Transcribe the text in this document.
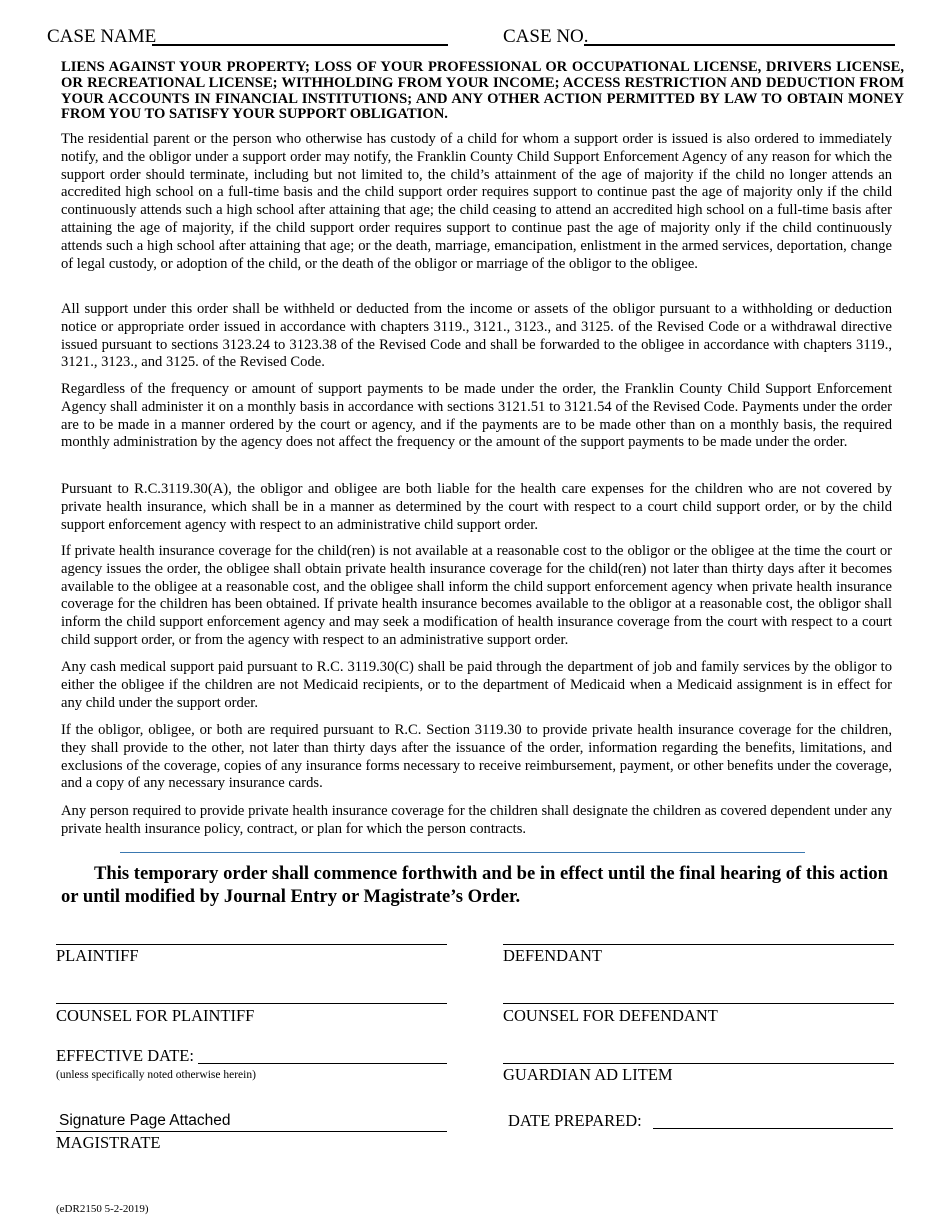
CASE NAME	CASE NO.

LIENS AGAINST YOUR PROPERTY; LOSS OF YOUR PROFESSIONAL OR OCCUPATIONAL LICENSE, DRIVERS LICENSE, OR RECREATIONAL LICENSE; WITHHOLDING FROM YOUR INCOME; ACCESS RESTRICTION AND DEDUCTION FROM YOUR ACCOUNTS IN FINANCIAL INSTITUTIONS; AND ANY OTHER ACTION PERMITTED BY LAW TO OBTAIN MONEY FROM YOU TO SATISFY YOUR SUPPORT OBLIGATION.

The residential parent or the person who otherwise has custody of a child for whom a support order is issued is also ordered to immediately notify, and the obligor under a support order may notify, the Franklin County Child Support Enforcement Agency of any reason for which the support order should terminate, including but not limited to, the child’s attainment of the age of majority if the child no longer attends an accredited high school on a full-time basis and the child support order requires support to continue past the age of majority only if the child continuously attends such a high school after attaining that age; the child ceasing to attend an accredited high school on a full-time basis after attaining the age of majority, if the child support order requires support to continue past the age of majority only if the child continuously attends such a high school after attaining that age; or the death, marriage, emancipation, enlistment in the armed services, deportation, change of legal custody, or adoption of the child, or the death of the obligor or marriage of the obligor to the obligee.

All support under this order shall be withheld or deducted from the income or assets of the obligor pursuant to a withholding or deduction notice or appropriate order issued in accordance with chapters 3119., 3121., 3123., and 3125. of the Revised Code or a withdrawal directive issued pursuant to sections 3123.24 to 3123.38 of the Revised Code and shall be forwarded to the obligee in accordance with chapters 3119., 3121., 3123., and 3125. of the Revised Code.

Regardless of the frequency or amount of support payments to be made under the order, the Franklin County Child Support Enforcement Agency shall administer it on a monthly basis in accordance with sections 3121.51 to 3121.54 of the Revised Code. Payments under the order are to be made in a manner ordered by the court or agency, and if the payments are to be made other than on a monthly basis, the required monthly administration by the agency does not affect the frequency or the amount of the support payments to be made under the order.

Pursuant to R.C.3119.30(A), the obligor and obligee are both liable for the health care expenses for the children who are not covered by private health insurance, which shall be in a manner as determined by the court with respect to a court child support order, or by the child support enforcement agency with respect to an administrative child support order.

If private health insurance coverage for the child(ren) is not available at a reasonable cost to the obligor or the obligee at the time the court or agency issues the order, the obligee shall obtain private health insurance coverage for the child(ren) not later than thirty days after it becomes available to the obligee at a reasonable cost, and the obligee shall inform the child support enforcement agency when private health insurance coverage for the children has been obtained. If private health insurance becomes available to the obligor at a reasonable cost, the obligor shall inform the child support enforcement agency and may seek a modification of health insurance coverage from the court with respect to a court child support order, or from the agency with respect to an administrative support order.

Any cash medical support paid pursuant to R.C. 3119.30(C) shall be paid through the department of job and family services by the obligor to either the obligee if the children are not Medicaid recipients, or to the department of Medicaid when a Medicaid assignment is in effect for any child under the support order.

If the obligor, obligee, or both are required pursuant to R.C. Section 3119.30 to provide private health insurance coverage for the children, they shall provide to the other, not later than thirty days after the issuance of the order, information regarding the benefits, limitations, and exclusions of the coverage, copies of any insurance forms necessary to receive reimbursement, payment, or other benefits under the coverage, and a copy of any necessary insurance cards.

Any person required to provide private health insurance coverage for the children shall designate the children as covered dependent under any private health insurance policy, contract, or plan for which the person contracts.

This temporary order shall commence forthwith and be in effect until the final hearing of this action or until modified by Journal Entry or Magistrate’s Order.

PLAINTIFF
COUNSEL FOR PLAINTIFF
EFFECTIVE DATE:
(unless specifically noted otherwise herein)
Signature Page Attached
MAGISTRATE
DEFENDANT
COUNSEL FOR DEFENDANT
GUARDIAN AD LITEM
DATE PREPARED:
(eDR2150 5-2-2019)
